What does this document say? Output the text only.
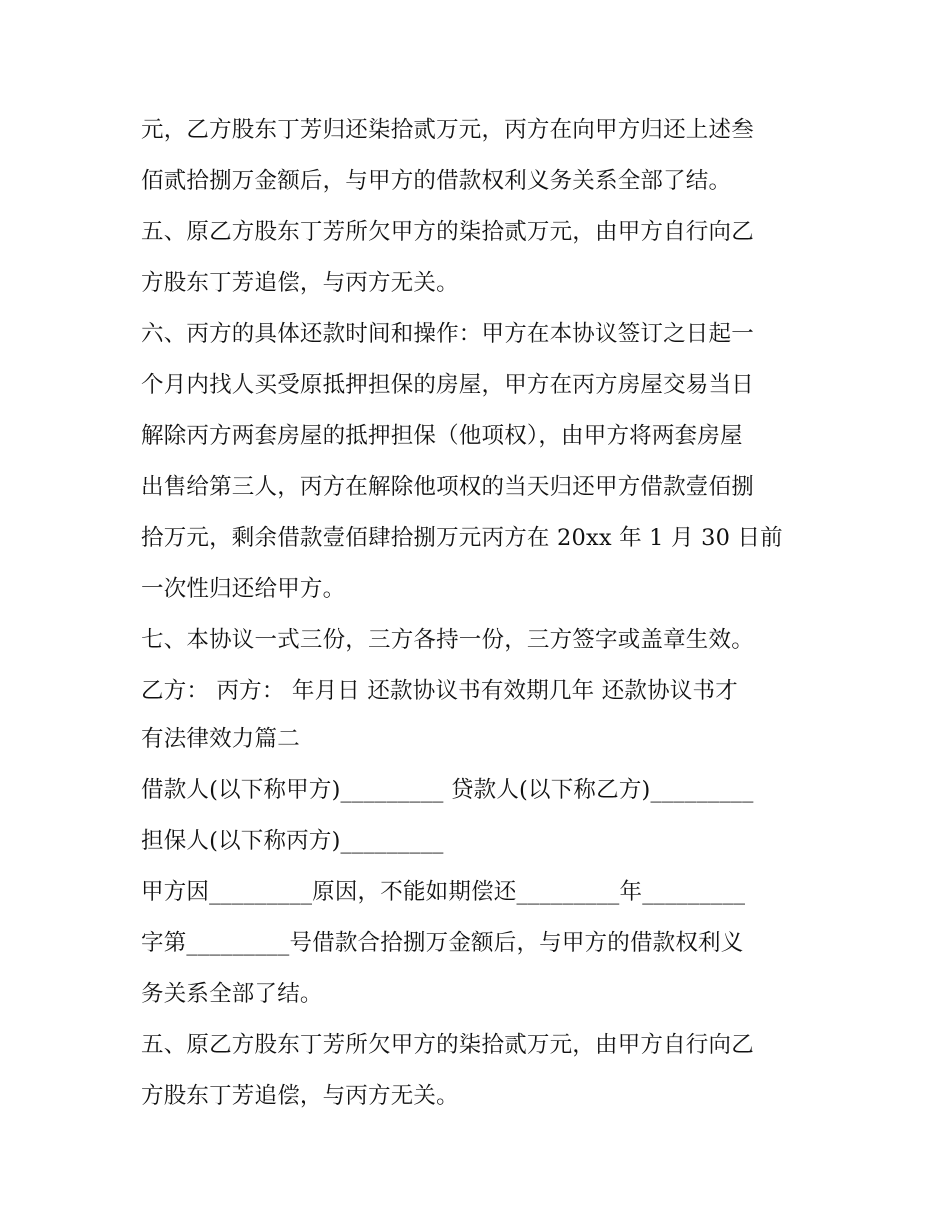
元，乙方股东丁芳归还柒拾贰万元，丙方在向甲方归还上述叁
佰贰拾捌万金额后，与甲方的借款权利义务关系全部了结。
五、原乙方股东丁芳所欠甲方的柒拾贰万元，由甲方自行向乙
方股东丁芳追偿，与丙方无关。
六、丙方的具体还款时间和操作：甲方在本协议签订之日起一
个月内找人买受原抵押担保的房屋，甲方在丙方房屋交易当日
解除丙方两套房屋的抵押担保（他项权），由甲方将两套房屋
出售给第三人，丙方在解除他项权的当天归还甲方借款壹佰捌
拾万元，剩余借款壹佰肆拾捌万元丙方在 20xx 年 1 月 30 日前
一次性归还给甲方。
七、本协议一式三份，三方各持一份，三方签字或盖章生效。
乙方： 丙方： 年月日 还款协议书有效期几年 还款协议书才
有法律效力篇二
借款人(以下称甲方)_________ 贷款人(以下称乙方)_________
担保人(以下称丙方)_________
甲方因_________原因，不能如期偿还_________年_________
字第_________号借款合拾捌万金额后，与甲方的借款权利义
务关系全部了结。
五、原乙方股东丁芳所欠甲方的柒拾贰万元，由甲方自行向乙
方股东丁芳追偿，与丙方无关。
